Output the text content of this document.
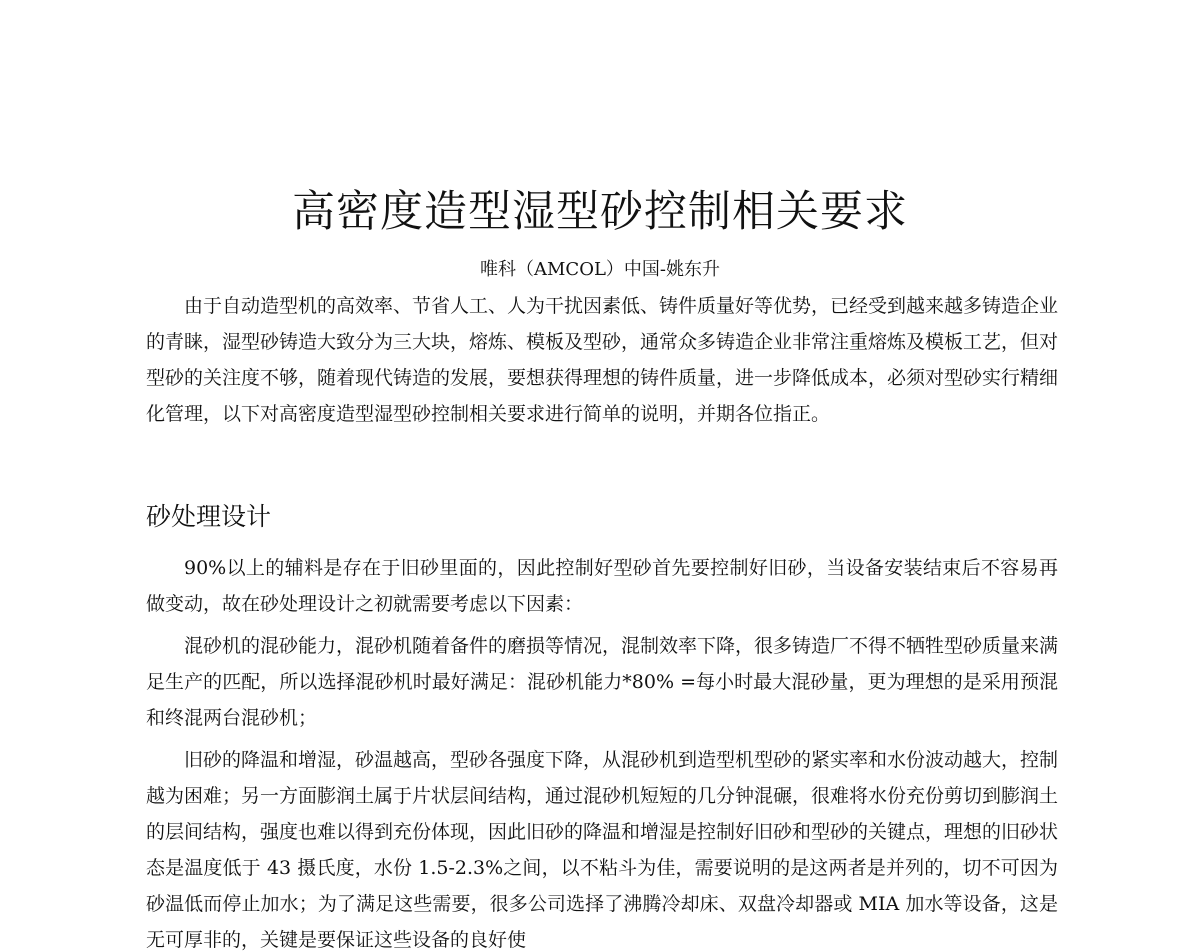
高密度造型湿型砂控制相关要求

唯科（AMCOL）中国-姚东升

由于自动造型机的高效率、节省人工、人为干扰因素低、铸件质量好等优势，已经受到越来越多铸造企业的青睐，湿型砂铸造大致分为三大块，熔炼、模板及型砂，通常众多铸造企业非常注重熔炼及模板工艺，但对型砂的关注度不够，随着现代铸造的发展，要想获得理想的铸件质量，进一步降低成本，必须对型砂实行精细化管理，以下对高密度造型湿型砂控制相关要求进行简单的说明，并期各位指正。

砂处理设计

90%以上的辅料是存在于旧砂里面的，因此控制好型砂首先要控制好旧砂，当设备安装结束后不容易再做变动，故在砂处理设计之初就需要考虑以下因素：

混砂机的混砂能力，混砂机随着备件的磨损等情况，混制效率下降，很多铸造厂不得不牺牲型砂质量来满足生产的匹配，所以选择混砂机时最好满足：混砂机能力*80% =每小时最大混砂量，更为理想的是采用预混和终混两台混砂机；

旧砂的降温和增湿，砂温越高，型砂各强度下降，从混砂机到造型机型砂的紧实率和水份波动越大，控制越为困难；另一方面膨润土属于片状层间结构，通过混砂机短短的几分钟混碾，很难将水份充份剪切到膨润土的层间结构，强度也难以得到充份体现，因此旧砂的降温和增湿是控制好旧砂和型砂的关键点，理想的旧砂状态是温度低于 43 摄氏度，水份 1.5-2.3%之间，以不粘斗为佳，需要说明的是这两者是并列的，切不可因为砂温低而停止加水；为了满足这些需要，很多公司选择了沸腾冷却床、双盘冷却器或 MIA 加水等设备，这是无可厚非的，关键是要保证这些设备的良好使
